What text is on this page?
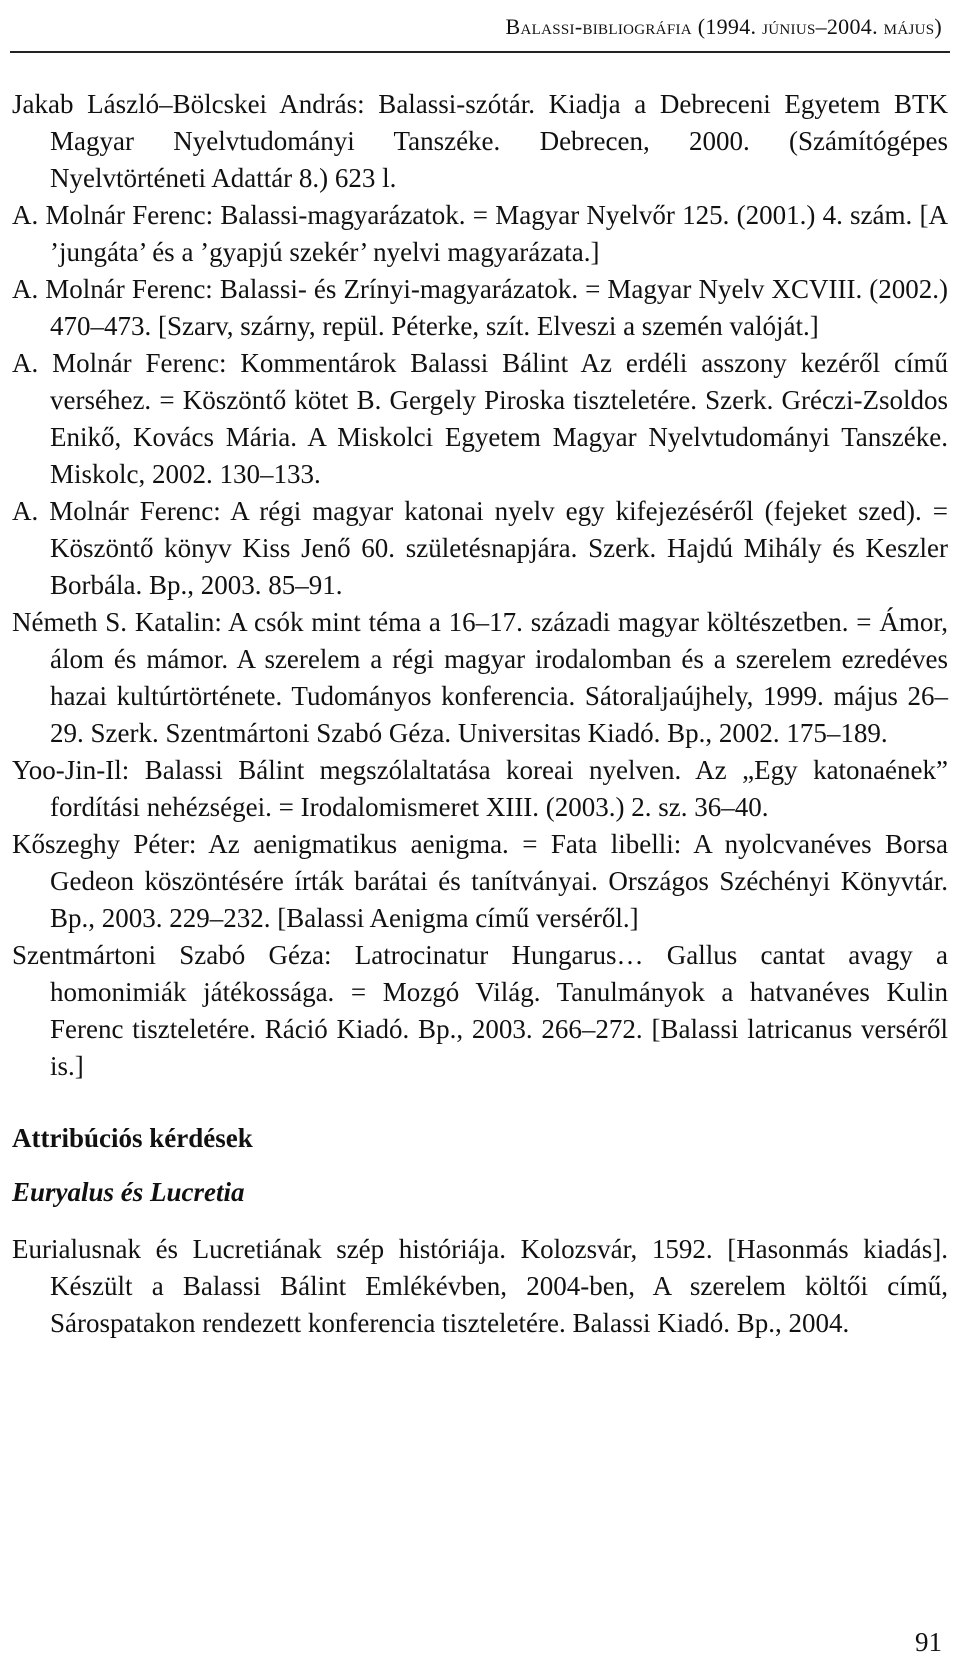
Balassi-bibliográfia (1994. június–2004. május)

Jakab László–Bölcskei András: Balassi-szótár. Kiadja a Debreceni Egyetem BTK Magyar Nyelvtudományi Tanszéke. Debrecen, 2000. (Számítógépes Nyelvtörténeti Adattár 8.) 623 l.

A. Molnár Ferenc: Balassi-magyarázatok. = Magyar Nyelvőr 125. (2001.) 4. szám. [A ’jungáta’ és a ’gyapjú szekér’ nyelvi magyarázata.]

A. Molnár Ferenc: Balassi- és Zrínyi-magyarázatok. = Magyar Nyelv XCVIII. (2002.) 470–473. [Szarv, szárny, repül. Péterke, szít. Elveszi a szemén valóját.]

A. Molnár Ferenc: Kommentárok Balassi Bálint Az erdéli asszony kezéről című verséhez. = Köszöntő kötet B. Gergely Piroska tiszteletére. Szerk. Gréczi-Zsoldos Enikő, Kovács Mária. A Miskolci Egyetem Magyar Nyelvtudományi Tanszéke. Miskolc, 2002. 130–133.

A. Molnár Ferenc: A régi magyar katonai nyelv egy kifejezéséről (fejeket szed). = Köszöntő könyv Kiss Jenő 60. születésnapjára. Szerk. Hajdú Mihály és Keszler Borbála. Bp., 2003. 85–91.

Németh S. Katalin: A csók mint téma a 16–17. századi magyar költészetben. = Ámor, álom és mámor. A szerelem a régi magyar irodalomban és a szerelem ezredéves hazai kultúrtörténete. Tudományos konferencia. Sátoraljaújhely, 1999. május 26–29. Szerk. Szentmártoni Szabó Géza. Universitas Kiadó. Bp., 2002. 175–189.

Yoo-Jin-Il: Balassi Bálint megszólaltatása koreai nyelven. Az „Egy katonaének” fordítási nehézségei. = Irodalomismeret XIII. (2003.) 2. sz. 36–40.

Kőszeghy Péter: Az aenigmatikus aenigma. = Fata libelli: A nyolcvanéves Borsa Gedeon köszöntésére írták barátai és tanítványai. Országos Széchényi Könyvtár. Bp., 2003. 229–232. [Balassi Aenigma című verséről.]

Szentmártoni Szabó Géza: Latrocinatur Hungarus… Gallus cantat avagy a homonimiák játékossága. = Mozgó Világ. Tanulmányok a hatvanéves Kulin Ferenc tiszteletére. Ráció Kiadó. Bp., 2003. 266–272. [Balassi latricanus verséről is.]

Attribúciós kérdések
Euryalus és Lucretia

Eurialusnak és Lucretiának szép históriája. Kolozsvár, 1592. [Hasonmás kiadás]. Készült a Balassi Bálint Emlékévben, 2004-ben, A szerelem költői című, Sárospatakon rendezett konferencia tiszteletére. Balassi Kiadó. Bp., 2004.

91
